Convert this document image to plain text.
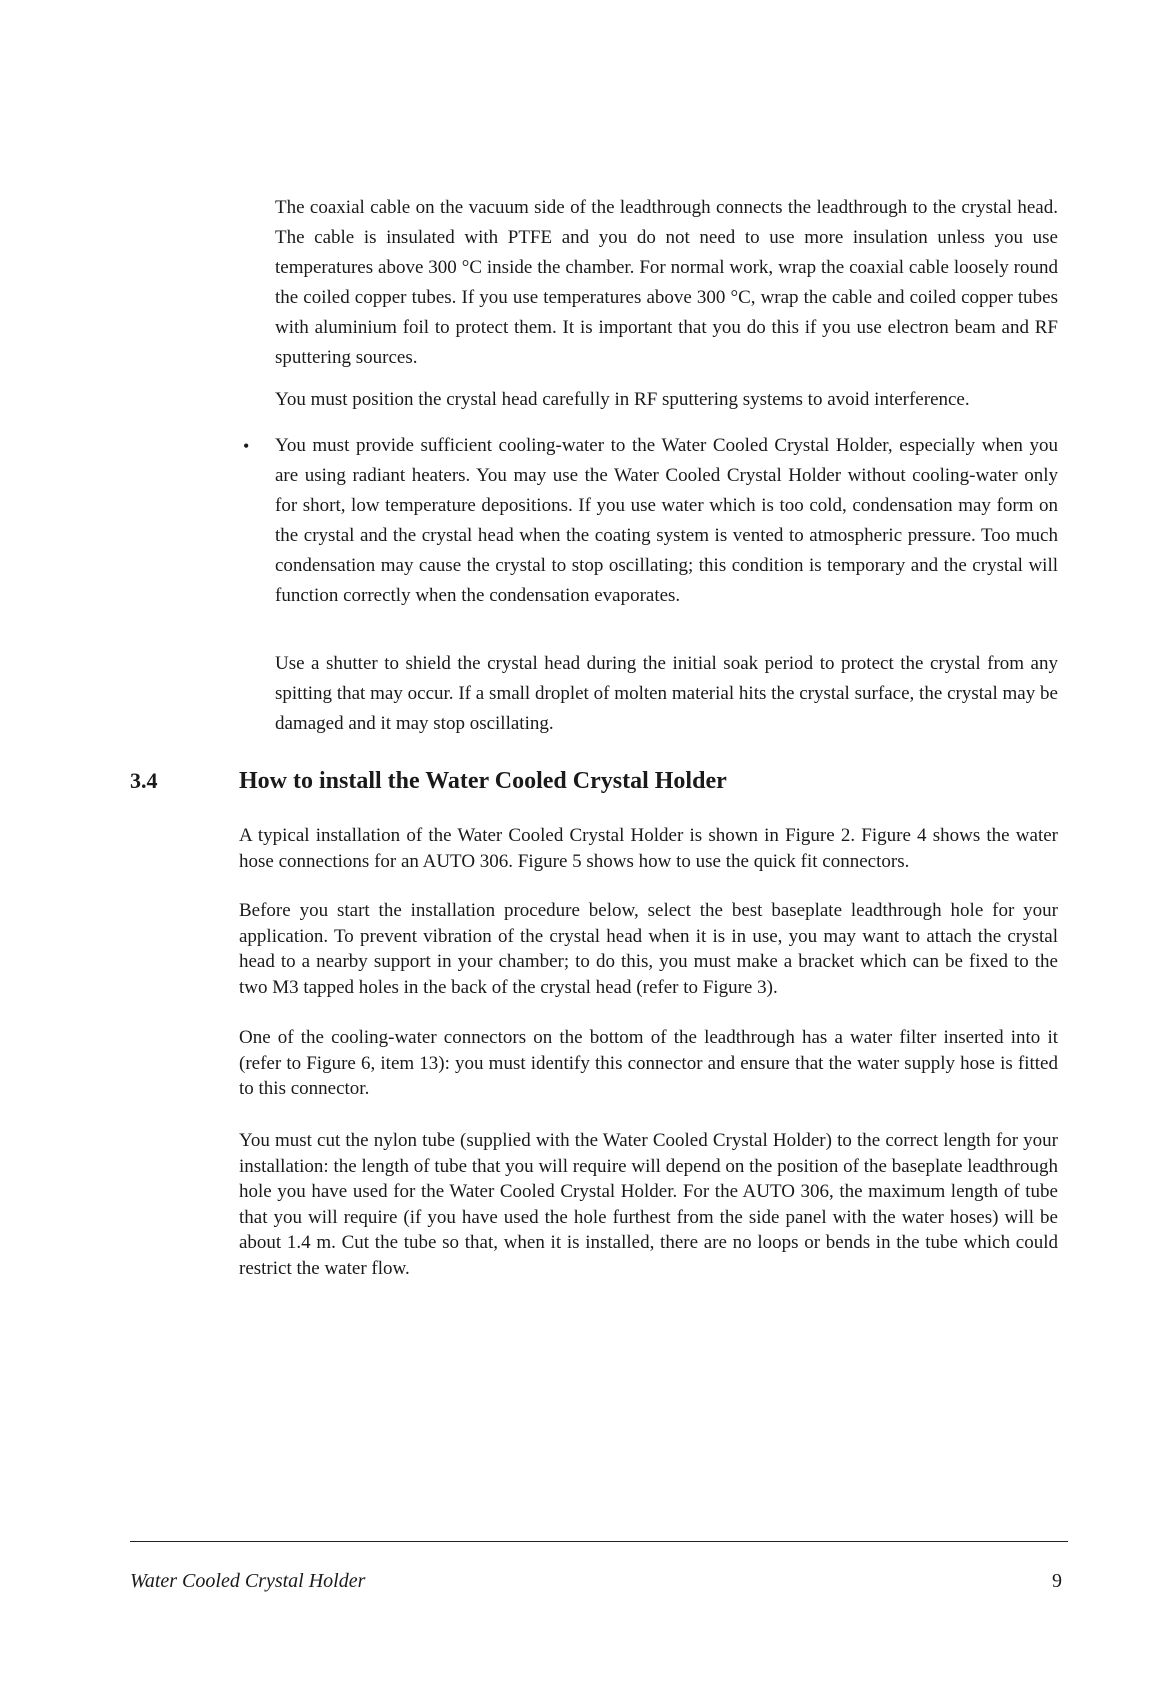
The coaxial cable on the vacuum side of the leadthrough connects the leadthrough to the crystal head. The cable is insulated with PTFE and you do not need to use more insulation unless you use temperatures above 300 °C inside the chamber. For normal work, wrap the coaxial cable loosely round the coiled copper tubes. If you use temperatures above 300 °C, wrap the cable and coiled copper tubes with aluminium foil to protect them. It is important that you do this if you use electron beam and RF sputtering sources.

You must position the crystal head carefully in RF sputtering systems to avoid interference.

• You must provide sufficient cooling-water to the Water Cooled Crystal Holder, especially when you are using radiant heaters. You may use the Water Cooled Crystal Holder without cooling-water only for short, low temperature depositions. If you use water which is too cold, condensation may form on the crystal and the crystal head when the coating system is vented to atmospheric pressure. Too much condensation may cause the crystal to stop oscillating; this condition is temporary and the crystal will function correctly when the condensation evaporates.

Use a shutter to shield the crystal head during the initial soak period to protect the crystal from any spitting that may occur. If a small droplet of molten material hits the crystal surface, the crystal may be damaged and it may stop oscillating.

3.4	How to install the Water Cooled Crystal Holder

A typical installation of the Water Cooled Crystal Holder is shown in Figure 2. Figure 4 shows the water hose connections for an AUTO 306. Figure 5 shows how to use the quick fit connectors.

Before you start the installation procedure below, select the best baseplate leadthrough hole for your application. To prevent vibration of the crystal head when it is in use, you may want to attach the crystal head to a nearby support in your chamber; to do this, you must make a bracket which can be fixed to the two M3 tapped holes in the back of the crystal head (refer to Figure 3).

One of the cooling-water connectors on the bottom of the leadthrough has a water filter inserted into it (refer to Figure 6, item 13): you must identify this connector and ensure that the water supply hose is fitted to this connector.

You must cut the nylon tube (supplied with the Water Cooled Crystal Holder) to the correct length for your installation: the length of tube that you will require will depend on the position of the baseplate leadthrough hole you have used for the Water Cooled Crystal Holder. For the AUTO 306, the maximum length of tube that you will require (if you have used the hole furthest from the side panel with the water hoses) will be about 1.4 m. Cut the tube so that, when it is installed, there are no loops or bends in the tube which could restrict the water flow.

Water Cooled Crystal Holder	9
